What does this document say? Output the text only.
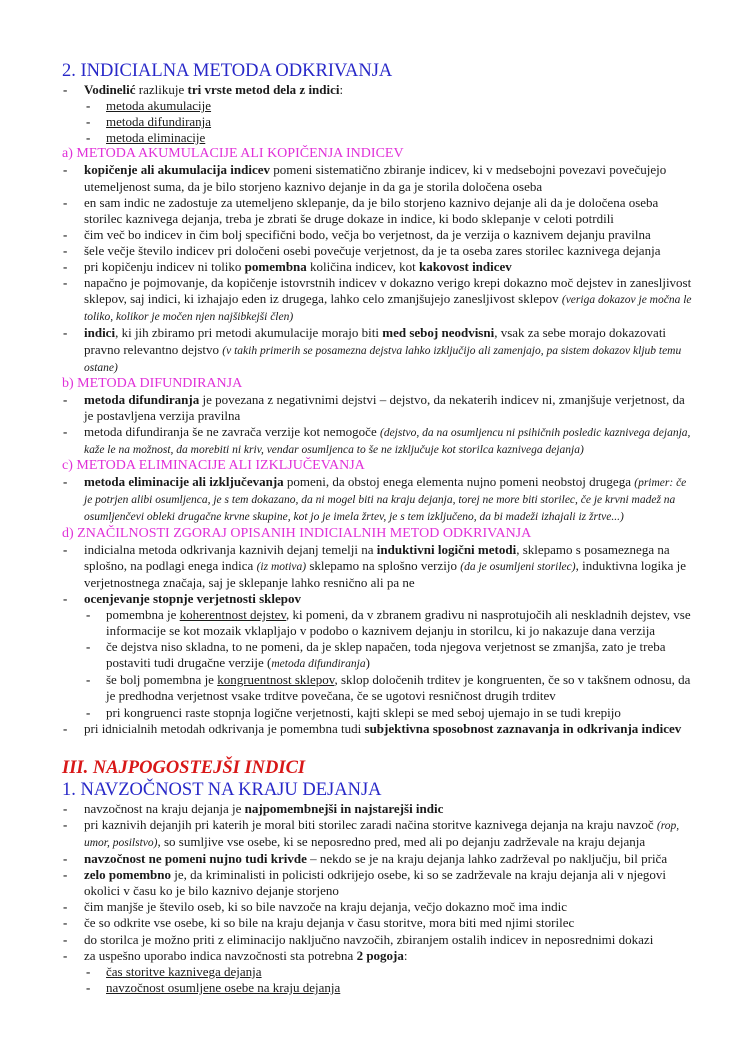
2. INDICIALNA METODA ODKRIVANJA
- Vodinelić razlikuje tri vrste metod dela z indici:
- metoda akumulacije
- metoda difundiranja
- metoda eliminacije
a) METODA AKUMULACIJE ALI KOPIČENJA INDICEV
- kopičenje ali akumulacija indicev pomeni sistematično zbiranje indicev, ki v medsebojni povezavi povečujejo utemeljenost suma, da je bilo storjeno kaznivo dejanje in da ga je storila določena oseba
- en sam indic ne zadostuje za utemeljeno sklepanje, da je bilo storjeno kaznivo dejanje ali da je določena oseba storilec kaznivega dejanja, treba je zbrati še druge dokaze in indice, ki bodo sklepanje v celoti potrdili
- čim več bo indicev in čim bolj specifični bodo, večja bo verjetnost, da je verzija o kaznivem dejanju pravilna
- šele večje število indicev pri določeni osebi povečuje verjetnost, da je ta oseba zares storilec kaznivega dejanja
- pri kopičenju indicev ni toliko pomembna količina indicev, kot kakovost indicev
- napačno je pojmovanje, da kopičenje istovrstnih indicev v dokazno verigo krepi dokazno moč dejstev in zanesljivost sklepov, saj indici, ki izhajajo eden iz drugega, lahko celo zmanjšujejo zanesljivost sklepov (veriga dokazov je močna le toliko, kolikor je močen njen najšibkejši člen)
- indici, ki jih zbiramo pri metodi akumulacije morajo biti med seboj neodvisni, vsak za sebe morajo dokazovati pravno relevantno dejstvo (v takih primerih se posamezna dejstva lahko izključijo ali zamenjajo, pa sistem dokazov kljub temu ostane)
b) METODA DIFUNDIRANJA
- metoda difundiranja je povezana z negativnimi dejstvi – dejstvo, da nekaterih indicev ni, zmanjšuje verjetnost, da je postavljena verzija pravilna
- metoda difundiranja še ne zavrača verzije kot nemogoče (dejstvo, da na osumljencu ni psihičnih posledic kaznivega dejanja, kaže le na možnost, da morebiti ni kriv, vendar osumljenca to še ne izključuje kot storilca kaznivega dejanja)
c) METODA ELIMINACIJE ALI IZKLJUČEVANJA
- metoda eliminacije ali izključevanja pomeni, da obstoj enega elementa nujno pomeni neobstoj drugega (primer: če je potrjen alibi osumljenca, je s tem dokazano, da ni mogel biti na kraju dejanja, torej ne more biti storilec, če je krvni madež na osumljenčevi obleki drugačne krvne skupine, kot jo je imela žrtev, je s tem izključeno, da bi madeži izhajali iz žrtve...)
d) ZNAČILNOSTI ZGORAJ OPISANIH INDICIALNIH METOD ODKRIVANJA
- indicialna metoda odkrivanja kaznivih dejanj temelji na induktivni logični metodi, sklepamo s posameznega na splošno, na podlagi enega indica (iz motiva) sklepamo na splošno verzijo (da je osumljeni storilec), induktivna logika je verjetnostnega značaja, saj je sklepanje lahko resnično ali pa ne
- ocenjevanje stopnje verjetnosti sklepov
- pomembna je koherentnost dejstev, ki pomeni, da v zbranem gradivu ni nasprotujočih ali neskladnih dejstev, vse informacije se kot mozaik vklapljajo v podobo o kaznivem dejanju in storilcu, ki jo nakazuje dana verzija
- če dejstva niso skladna, to ne pomeni, da je sklep napačen, toda njegova verjetnost se zmanjša, zato je treba postaviti tudi drugačne verzije (metoda difundiranja)
- še bolj pomembna je kongruentnost sklepov, sklop določenih trditev je kongruenten, če so v takšnem odnosu, da je predhodna verjetnost vsake trditve povečana, če se ugotovi resničnost drugih trditev
- pri kongruenci raste stopnja logične verjetnosti, kajti sklepi se med seboj ujemajo in se tudi krepijo
- pri idnicialnih metodah odkrivanja je pomembna tudi subjektivna sposobnost zaznavanja in odkrivanja indicev
III. NAJPOGOSTEJŠI INDICI
1. NAVZOČNOST NA KRAJU DEJANJA
- navzočnost na kraju dejanja je najpomembnejši in najstarejši indic
- pri kaznivih dejanjih pri katerih je moral biti storilec zaradi načina storitve kaznivega dejanja na kraju navzoč (rop, umor, posilstvo), so sumljive vse osebe, ki se neposredno pred, med ali po dejanju zadrževale na kraju dejanja
- navzočnost ne pomeni nujno tudi krivde – nekdo se je na kraju dejanja lahko zadrževal po naključju, bil priča
- zelo pomembno je, da kriminalisti in policisti odkrijejo osebe, ki so se zadrževale na kraju dejanja ali v njegovi okolici v času ko je bilo kaznivo dejanje storjeno
- čim manjše je število oseb, ki so bile navzoče na kraju dejanja, večjo dokazno moč ima indic
- če so odkrite vse osebe, ki so bile na kraju dejanja v času storitve, mora biti med njimi storilec
- do storilca je možno priti z eliminacijo naključno navzočih, zbiranjem ostalih indicev in neposrednimi dokazi
- za uspešno uporabo indica navzočnosti sta potrebna 2 pogoja:
- čas storitve kaznivega dejanja
- navzočnost osumljene osebe na kraju dejanja
